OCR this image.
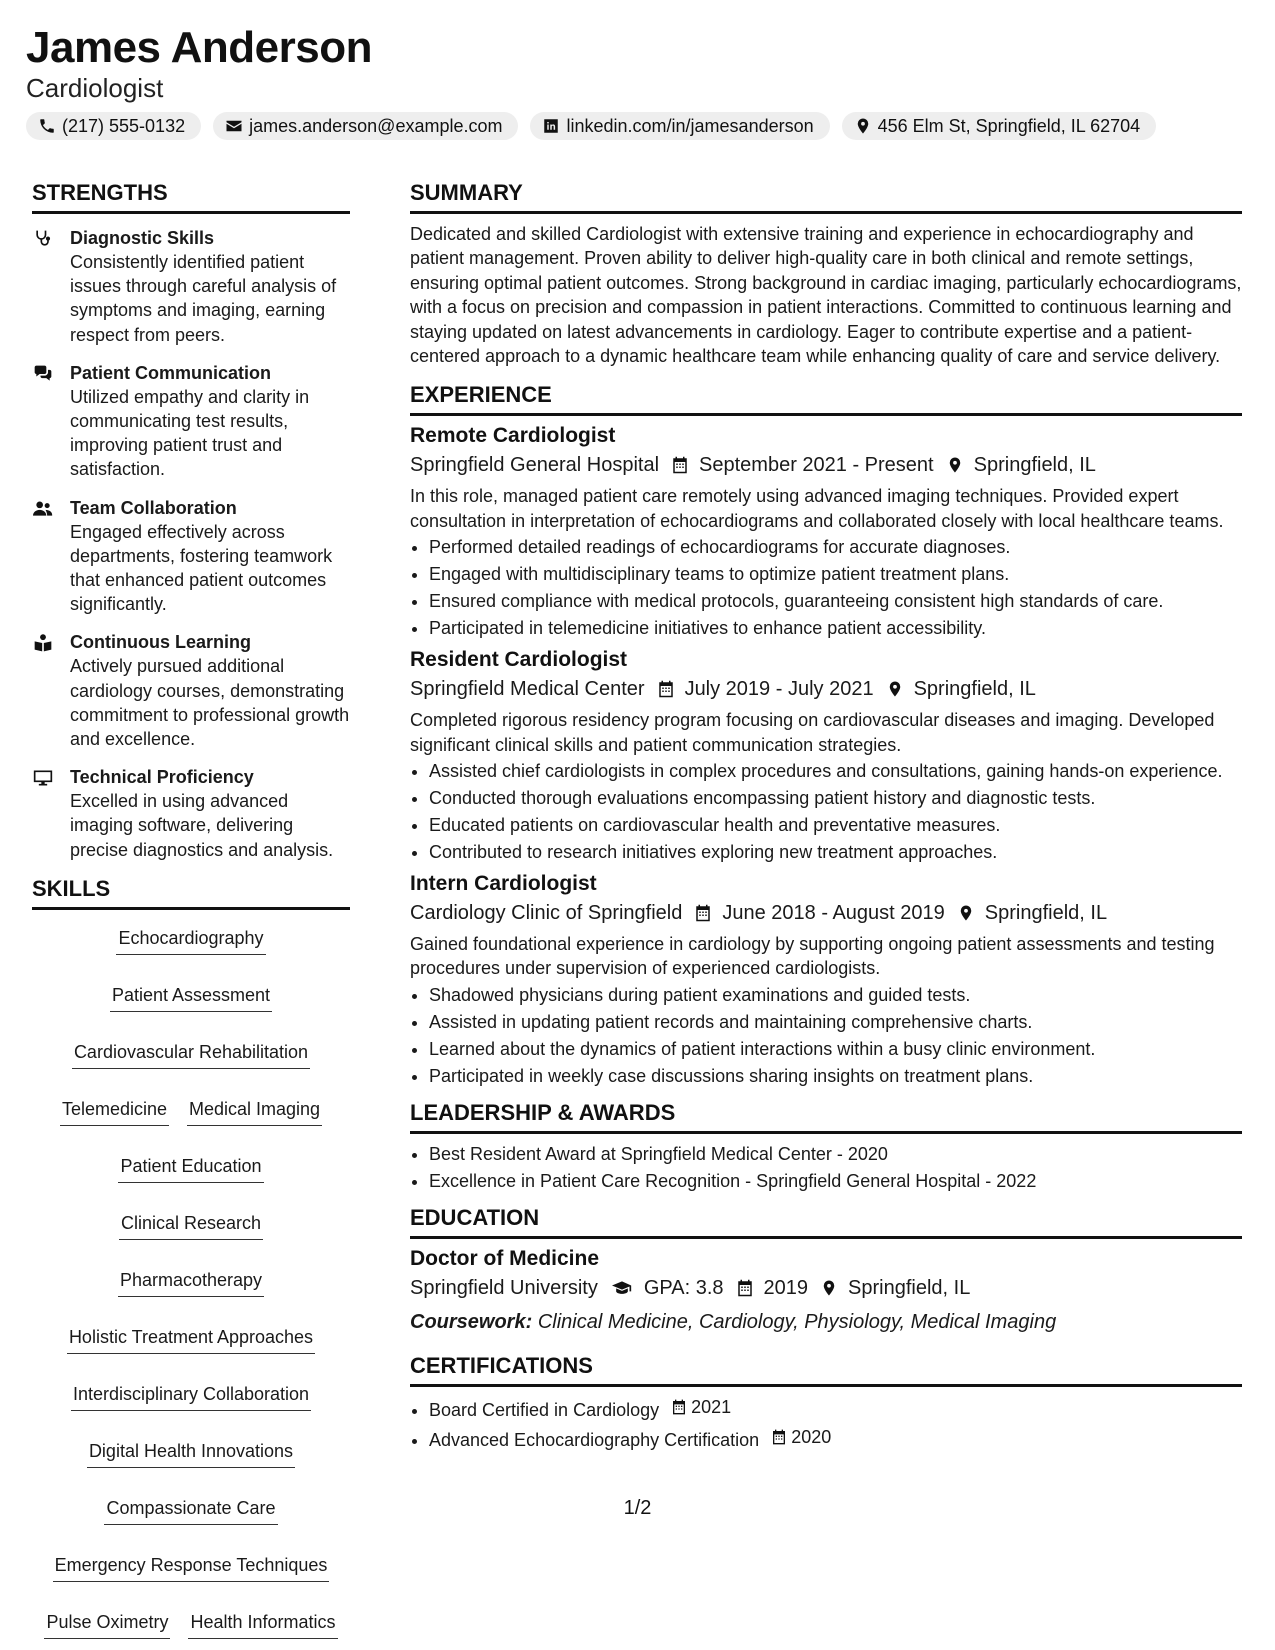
James Anderson
Cardiologist
(217) 555-0132	james.anderson@example.com	linkedin.com/in/jamesanderson	456 Elm St, Springfield, IL 62704
STRENGTHS
Diagnostic Skills
Consistently identified patient issues through careful analysis of symptoms and imaging, earning respect from peers.
Patient Communication
Utilized empathy and clarity in communicating test results, improving patient trust and satisfaction.
Team Collaboration
Engaged effectively across departments, fostering teamwork that enhanced patient outcomes significantly.
Continuous Learning
Actively pursued additional cardiology courses, demonstrating commitment to professional growth and excellence.
Technical Proficiency
Excelled in using advanced imaging software, delivering precise diagnostics and analysis.
SKILLS
Echocardiography
Patient Assessment
Cardiovascular Rehabilitation
Telemedicine Medical Imaging
Patient Education
Clinical Research
Pharmacotherapy
Holistic Treatment Approaches
Interdisciplinary Collaboration
Digital Health Innovations
Compassionate Care
Emergency Response Techniques
Pulse Oximetry Health Informatics
SUMMARY
Dedicated and skilled Cardiologist with extensive training and experience in echocardiography and patient management. Proven ability to deliver high-quality care in both clinical and remote settings, ensuring optimal patient outcomes. Strong background in cardiac imaging, particularly echocardiograms, with a focus on precision and compassion in patient interactions. Committed to continuous learning and staying updated on latest advancements in cardiology. Eager to contribute expertise and a patient-centered approach to a dynamic healthcare team while enhancing quality of care and service delivery.
EXPERIENCE
Remote Cardiologist
Springfield General Hospital September 2021 - Present Springfield, IL
In this role, managed patient care remotely using advanced imaging techniques. Provided expert consultation in interpretation of echocardiograms and collaborated closely with local healthcare teams.
• Performed detailed readings of echocardiograms for accurate diagnoses.
• Engaged with multidisciplinary teams to optimize patient treatment plans.
• Ensured compliance with medical protocols, guaranteeing consistent high standards of care.
• Participated in telemedicine initiatives to enhance patient accessibility.
Resident Cardiologist
Springfield Medical Center July 2019 - July 2021 Springfield, IL
Completed rigorous residency program focusing on cardiovascular diseases and imaging. Developed significant clinical skills and patient communication strategies.
• Assisted chief cardiologists in complex procedures and consultations, gaining hands-on experience.
• Conducted thorough evaluations encompassing patient history and diagnostic tests.
• Educated patients on cardiovascular health and preventative measures.
• Contributed to research initiatives exploring new treatment approaches.
Intern Cardiologist
Cardiology Clinic of Springfield June 2018 - August 2019 Springfield, IL
Gained foundational experience in cardiology by supporting ongoing patient assessments and testing procedures under supervision of experienced cardiologists.
• Shadowed physicians during patient examinations and guided tests.
• Assisted in updating patient records and maintaining comprehensive charts.
• Learned about the dynamics of patient interactions within a busy clinic environment.
• Participated in weekly case discussions sharing insights on treatment plans.
LEADERSHIP & AWARDS
• Best Resident Award at Springfield Medical Center - 2020
• Excellence in Patient Care Recognition - Springfield General Hospital - 2022
EDUCATION
Doctor of Medicine
Springfield University GPA: 3.8 2019 Springfield, IL
Coursework: Clinical Medicine, Cardiology, Physiology, Medical Imaging
CERTIFICATIONS
• Board Certified in Cardiology 2021
• Advanced Echocardiography Certification 2020
1/2
